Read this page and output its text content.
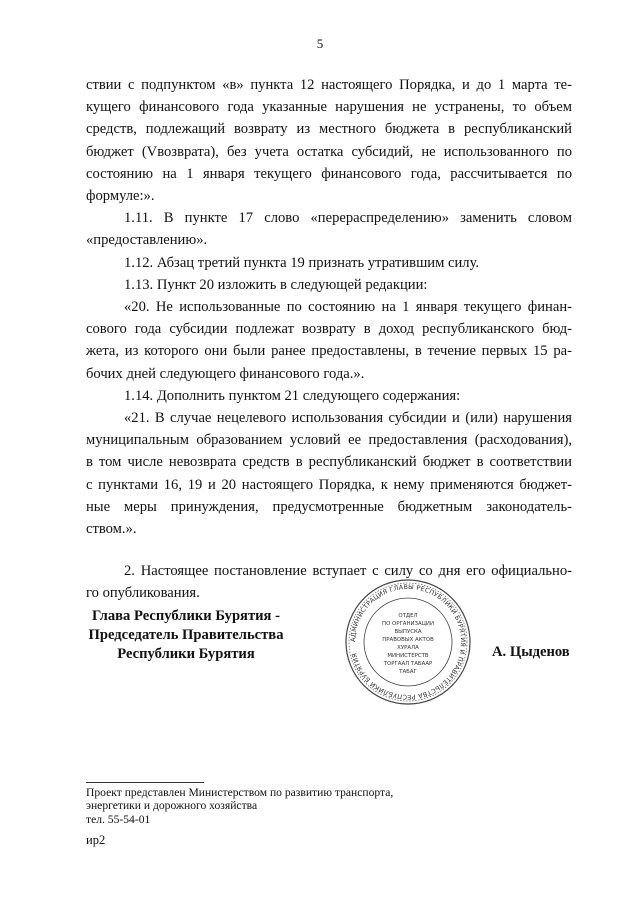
5

ствии с подпунктом «в» пункта 12 настоящего Порядка, и до 1 марта те-
кущего финансового года указанные нарушения не устранены, то объем
средств, подлежащий возврату из местного бюджета в республиканский
бюджет (Vвозврата), без учета остатка субсидий, не использованного по
состоянию на 1 января текущего финансового года, рассчитывается по
формуле:».

1.11. В пункте 17 слово «перераспределению» заменить словом
«предоставлению».

1.12. Абзац третий пункта 19 признать утратившим силу.

1.13. Пункт 20 изложить в следующей редакции:

«20. Не использованные по состоянию на 1 января текущего финан-
сового года субсидии подлежат возврату в доход республиканского бюд-
жета, из которого они были ранее предоставлены, в течение первых 15 ра-
бочих дней следующего финансового года.».

1.14. Дополнить пунктом 21 следующего содержания:

«21. В случае нецелевого использования субсидии и (или) нарушения
муниципальным образованием условий ее предоставления (расходования),
в том числе невозврата средств в республиканский бюджет в соответствии
с пунктами 16, 19 и 20 настоящего Порядка, к нему применяются бюджет-
ные меры принуждения, предусмотренные бюджетным законодатель-
ством.».

2. Настоящее постановление вступает с силу со дня его официально-
го опубликования.

Глава Республики Бурятия -
Председатель Правительства
Республики Бурятия
АДМИНИСТРАЦИЯ ГЛАВЫ РЕСПУБЛИКИ БУРЯТИЯ И ПРАВИТЕЛЬСТВА РЕСПУБЛИКИ БУРЯТИЯ
ОТДЕЛ
ПО ОРГАНИЗАЦИИ
ВЫПУСКА
ПРАВОВЫХ АКТОВ
ХУРАЛА
МИНИСТЕРСТВ
ТОРГААЛ ТАБААР
ТАБАГ
А. Цыденов
Проект представлен Министерством по развитию транспорта,
энергетики и дорожного хозяйства
тел. 55-54-01
ир2
